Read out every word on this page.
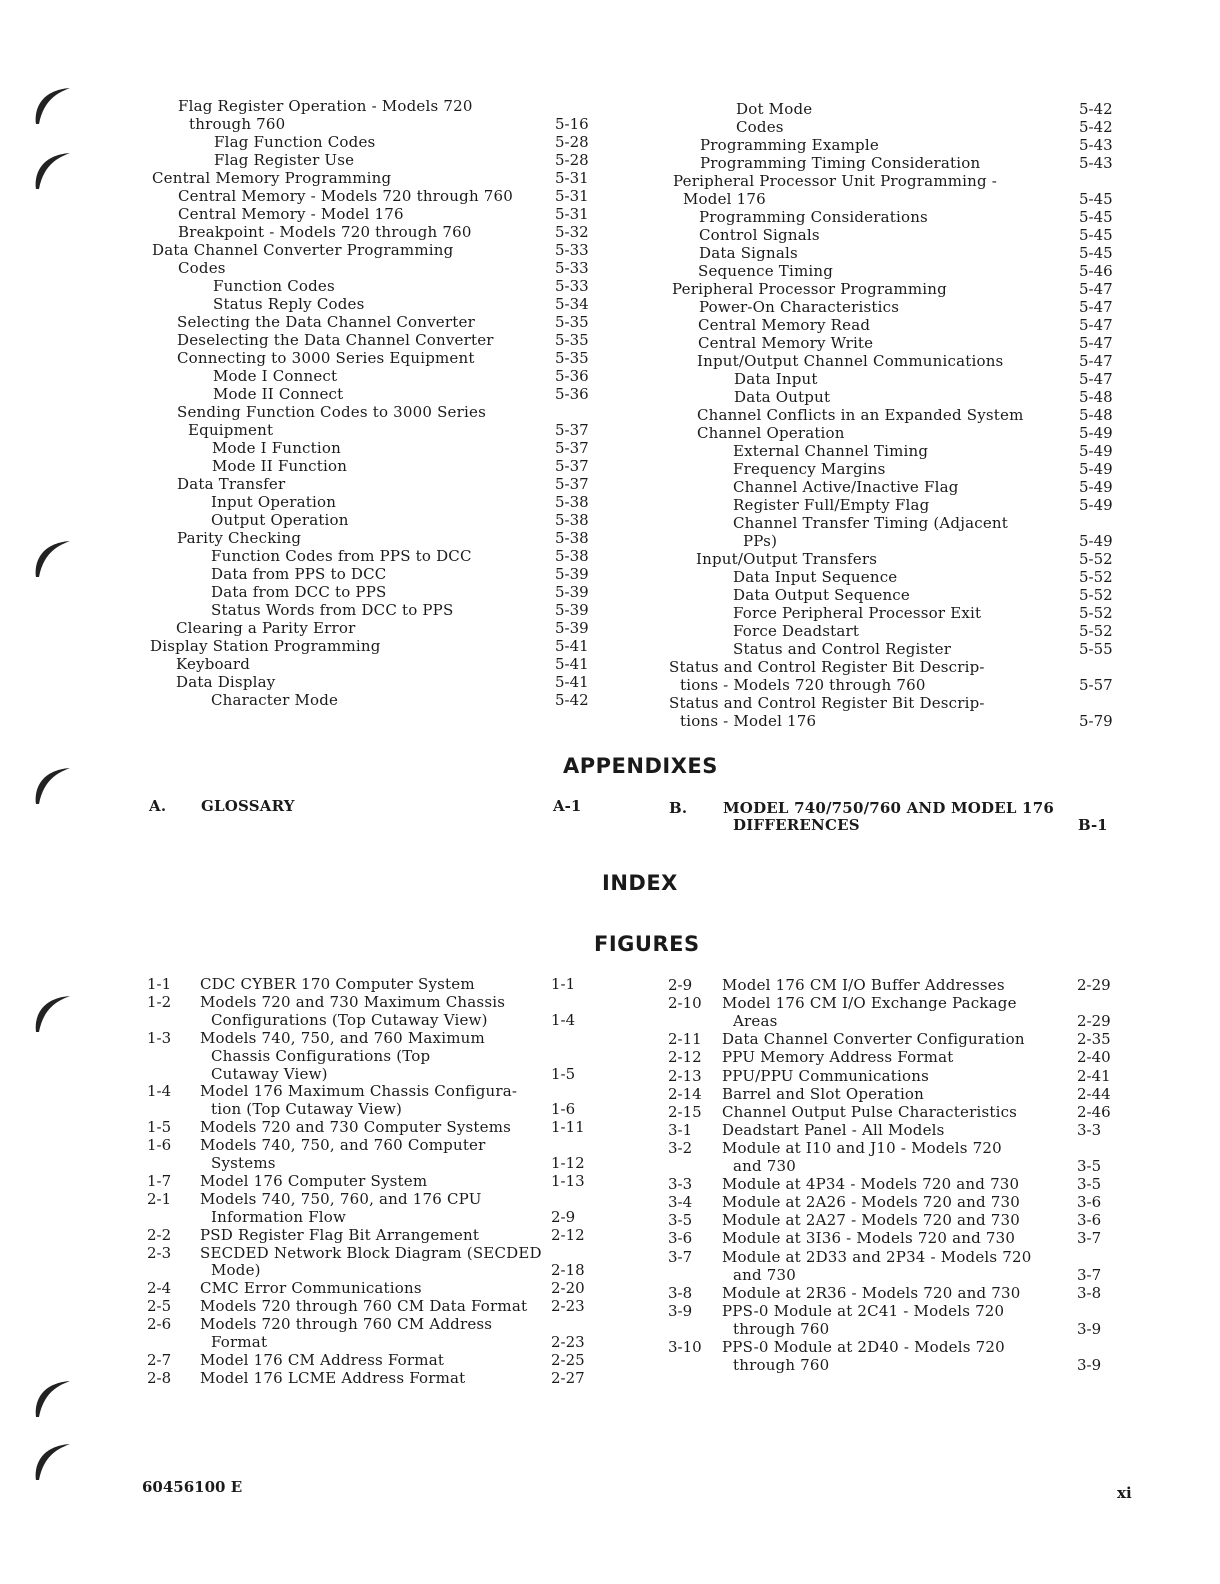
Flag Register Operation - Models 720
through 760	5-16
Flag Function Codes	5-28
Flag Register Use	5-28
Central Memory Programming	5-31
Central Memory - Models 720 through 760	5-31
Central Memory - Model 176	5-31
Breakpoint - Models 720 through 760	5-32
Data Channel Converter Programming	5-33
Codes	5-33
Function Codes	5-33
Status Reply Codes	5-34
Selecting the Data Channel Converter	5-35
Deselecting the Data Channel Converter	5-35
Connecting to 3000 Series Equipment	5-35
Mode I Connect	5-36
Mode II Connect	5-36
Sending Function Codes to 3000 Series
Equipment	5-37
Mode I Function	5-37
Mode II Function	5-37
Data Transfer	5-37
Input Operation	5-38
Output Operation	5-38
Parity Checking	5-38
Function Codes from PPS to DCC	5-38
Data from PPS to DCC	5-39
Data from DCC to PPS	5-39
Status Words from DCC to PPS	5-39
Clearing a Parity Error	5-39
Display Station Programming	5-41
Keyboard	5-41
Data Display	5-41
Character Mode	5-42
Dot Mode	5-42
Codes	5-42
Programming Example	5-43
Programming Timing Consideration	5-43
Peripheral Processor Unit Programming -
Model 176	5-45
Programming Considerations	5-45
Control Signals	5-45
Data Signals	5-45
Sequence Timing	5-46
Peripheral Processor Programming	5-47
Power-On Characteristics	5-47
Central Memory Read	5-47
Central Memory Write	5-47
Input/Output Channel Communications	5-47
Data Input	5-47
Data Output	5-48
Channel Conflicts in an Expanded System	5-48
Channel Operation	5-49
External Channel Timing	5-49
Frequency Margins	5-49
Channel Active/Inactive Flag	5-49
Register Full/Empty Flag	5-49
Channel Transfer Timing (Adjacent
PPs)	5-49
Input/Output Transfers	5-52
Data Input Sequence	5-52
Data Output Sequence	5-52
Force Peripheral Processor Exit	5-52
Force Deadstart	5-52
Status and Control Register	5-55
Status and Control Register Bit Descrip-
tions - Models 720 through 760	5-57
Status and Control Register Bit Descrip-
tions - Model 176	5-79
APPENDIXES
A. GLOSSARY	A-1	B. MODEL 740/750/760 AND MODEL 176
DIFFERENCES	B-1
INDEX
FIGURES
1-1 CDC CYBER 170 Computer System	1-1
1-2 Models 720 and 730 Maximum Chassis
Configurations (Top Cutaway View)	1-4
1-3 Models 740, 750, and 760 Maximum
Chassis Configurations (Top
Cutaway View)	1-5
1-4 Model 176 Maximum Chassis Configura-
tion (Top Cutaway View)	1-6
1-5 Models 720 and 730 Computer Systems	1-11
1-6 Models 740, 750, and 760 Computer
Systems	1-12
1-7 Model 176 Computer System	1-13
2-1 Models 740, 750, 760, and 176 CPU
Information Flow	2-9
2-2 PSD Register Flag Bit Arrangement	2-12
2-3 SECDED Network Block Diagram (SECDED
Mode)	2-18
2-4 CMC Error Communications	2-20
2-5 Models 720 through 760 CM Data Format 2-23
2-6 Models 720 through 760 CM Address
Format	2-23
2-7 Model 176 CM Address Format	2-25
2-8 Model 176 LCME Address Format	2-27
2-9 Model 176 CM I/O Buffer Addresses	2-29
2-10 Model 176 CM I/O Exchange Package
Areas	2-29
2-11 Data Channel Converter Configuration	2-35
2-12 PPU Memory Address Format	2-40
2-13 PPU/PPU Communications	2-41
2-14 Barrel and Slot Operation	2-44
2-15 Channel Output Pulse Characteristics	2-46
3-1 Deadstart Panel - All Models	3-3
3-2 Module at I10 and J10 - Models 720
and 730	3-5
3-3 Module at 4P34 - Models 720 and 730	3-5
3-4 Module at 2A26 - Models 720 and 730	3-6
3-5 Module at 2A27 - Models 720 and 730	3-6
3-6 Module at 3I36 - Models 720 and 730	3-7
3-7 Module at 2D33 and 2P34 - Models 720
and 730	3-7
3-8 Module at 2R36 - Models 720 and 730	3-8
3-9 PPS-0 Module at 2C41 - Models 720
through 760	3-9
3-10 PPS-0 Module at 2D40 - Models 720
through 760	3-9
60456100 E	xi
